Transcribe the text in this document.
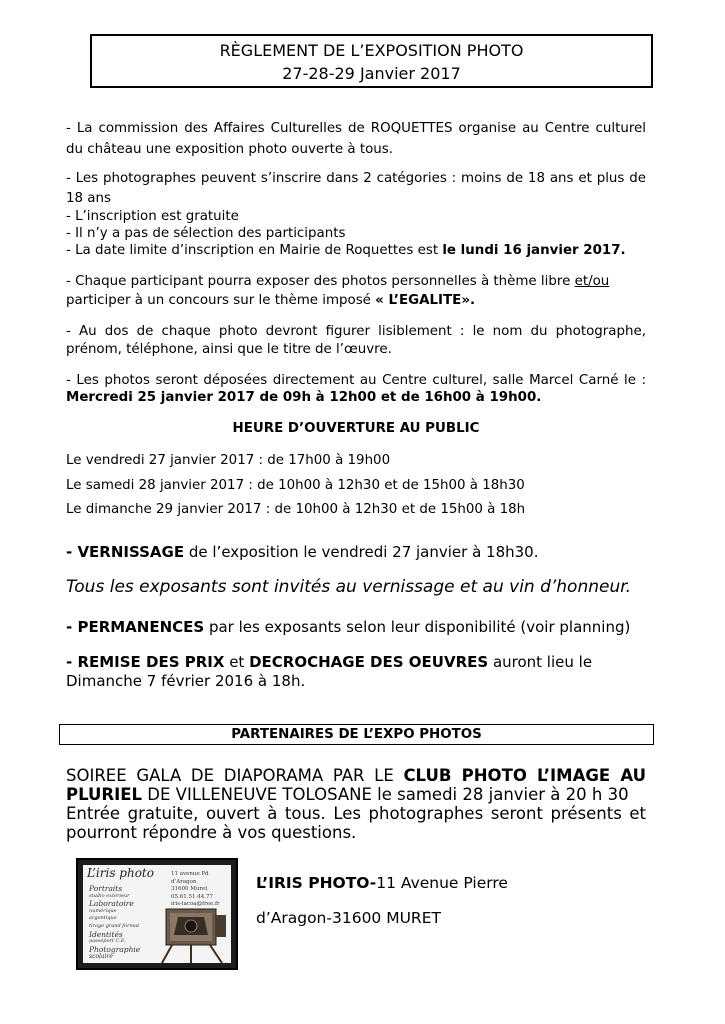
RÈGLEMENT DE L’EXPOSITION PHOTO
27-28-29 Janvier 2017

- La commission des Affaires Culturelles de ROQUETTES organise au Centre culturel

du château une exposition photo ouverte à tous.

- Les photographes peuvent s’inscrire dans 2 catégories : moins de 18 ans et plus de

18 ans

- L’inscription est gratuite

- Il n’y a pas de sélection des participants

- La date limite d’inscription en Mairie de Roquettes est le lundi 16 janvier 2017.

- Chaque participant pourra exposer des photos personnelles à thème libre et/ou

participer à un concours sur le thème imposé « L’EGALITE».

- Au dos de chaque photo devront figurer lisiblement : le nom du photographe,

prénom, téléphone, ainsi que le titre de l’œuvre.

- Les photos seront déposées directement au Centre culturel, salle Marcel Carné le :

Mercredi 25 janvier 2017 de 09h à 12h00 et de 16h00 à 19h00.

HEURE D’OUVERTURE AU PUBLIC
Le vendredi 27 janvier 2017 : de 17h00 à 19h00
Le samedi 28 janvier 2017 : de 10h00 à 12h30 et de 15h00 à 18h30
Le dimanche 29 janvier 2017 : de 10h00 à 12h30 et de 15h00 à 18h
- VERNISSAGE de l’exposition le vendredi 27 janvier à 18h30.
Tous les exposants sont invités au vernissage et au vin d’honneur.
- PERMANENCES par les exposants selon leur disponibilité (voir planning)
- REMISE DES PRIX et DECROCHAGE DES OEUVRES auront lieu le
Dimanche 7 février 2016 à 18h.
PARTENAIRES DE L’EXPO PHOTOS
SOIREE GALA DE DIAPORAMA PAR LE CLUB PHOTO L’IMAGE AU
PLURIEL DE VILLENEUVE TOLOSANE le samedi 28 janvier à 20 h 30
Entrée gratuite, ouvert à tous. Les photographes seront présents et
pourront répondre à vos questions.
L’iris photo
Portraits
studio extérieur
Laboratoire
numérique
argentique
tirage grand format
Identités
passeport C.E.
Photographie
scolaire
11 avenue Pd d’Aragon
31600 Muret
05.61.51.44.77
iris-lacoa@free.fr
L’IRIS PHOTO-11 Avenue Pierre
d’Aragon-31600 MURET
